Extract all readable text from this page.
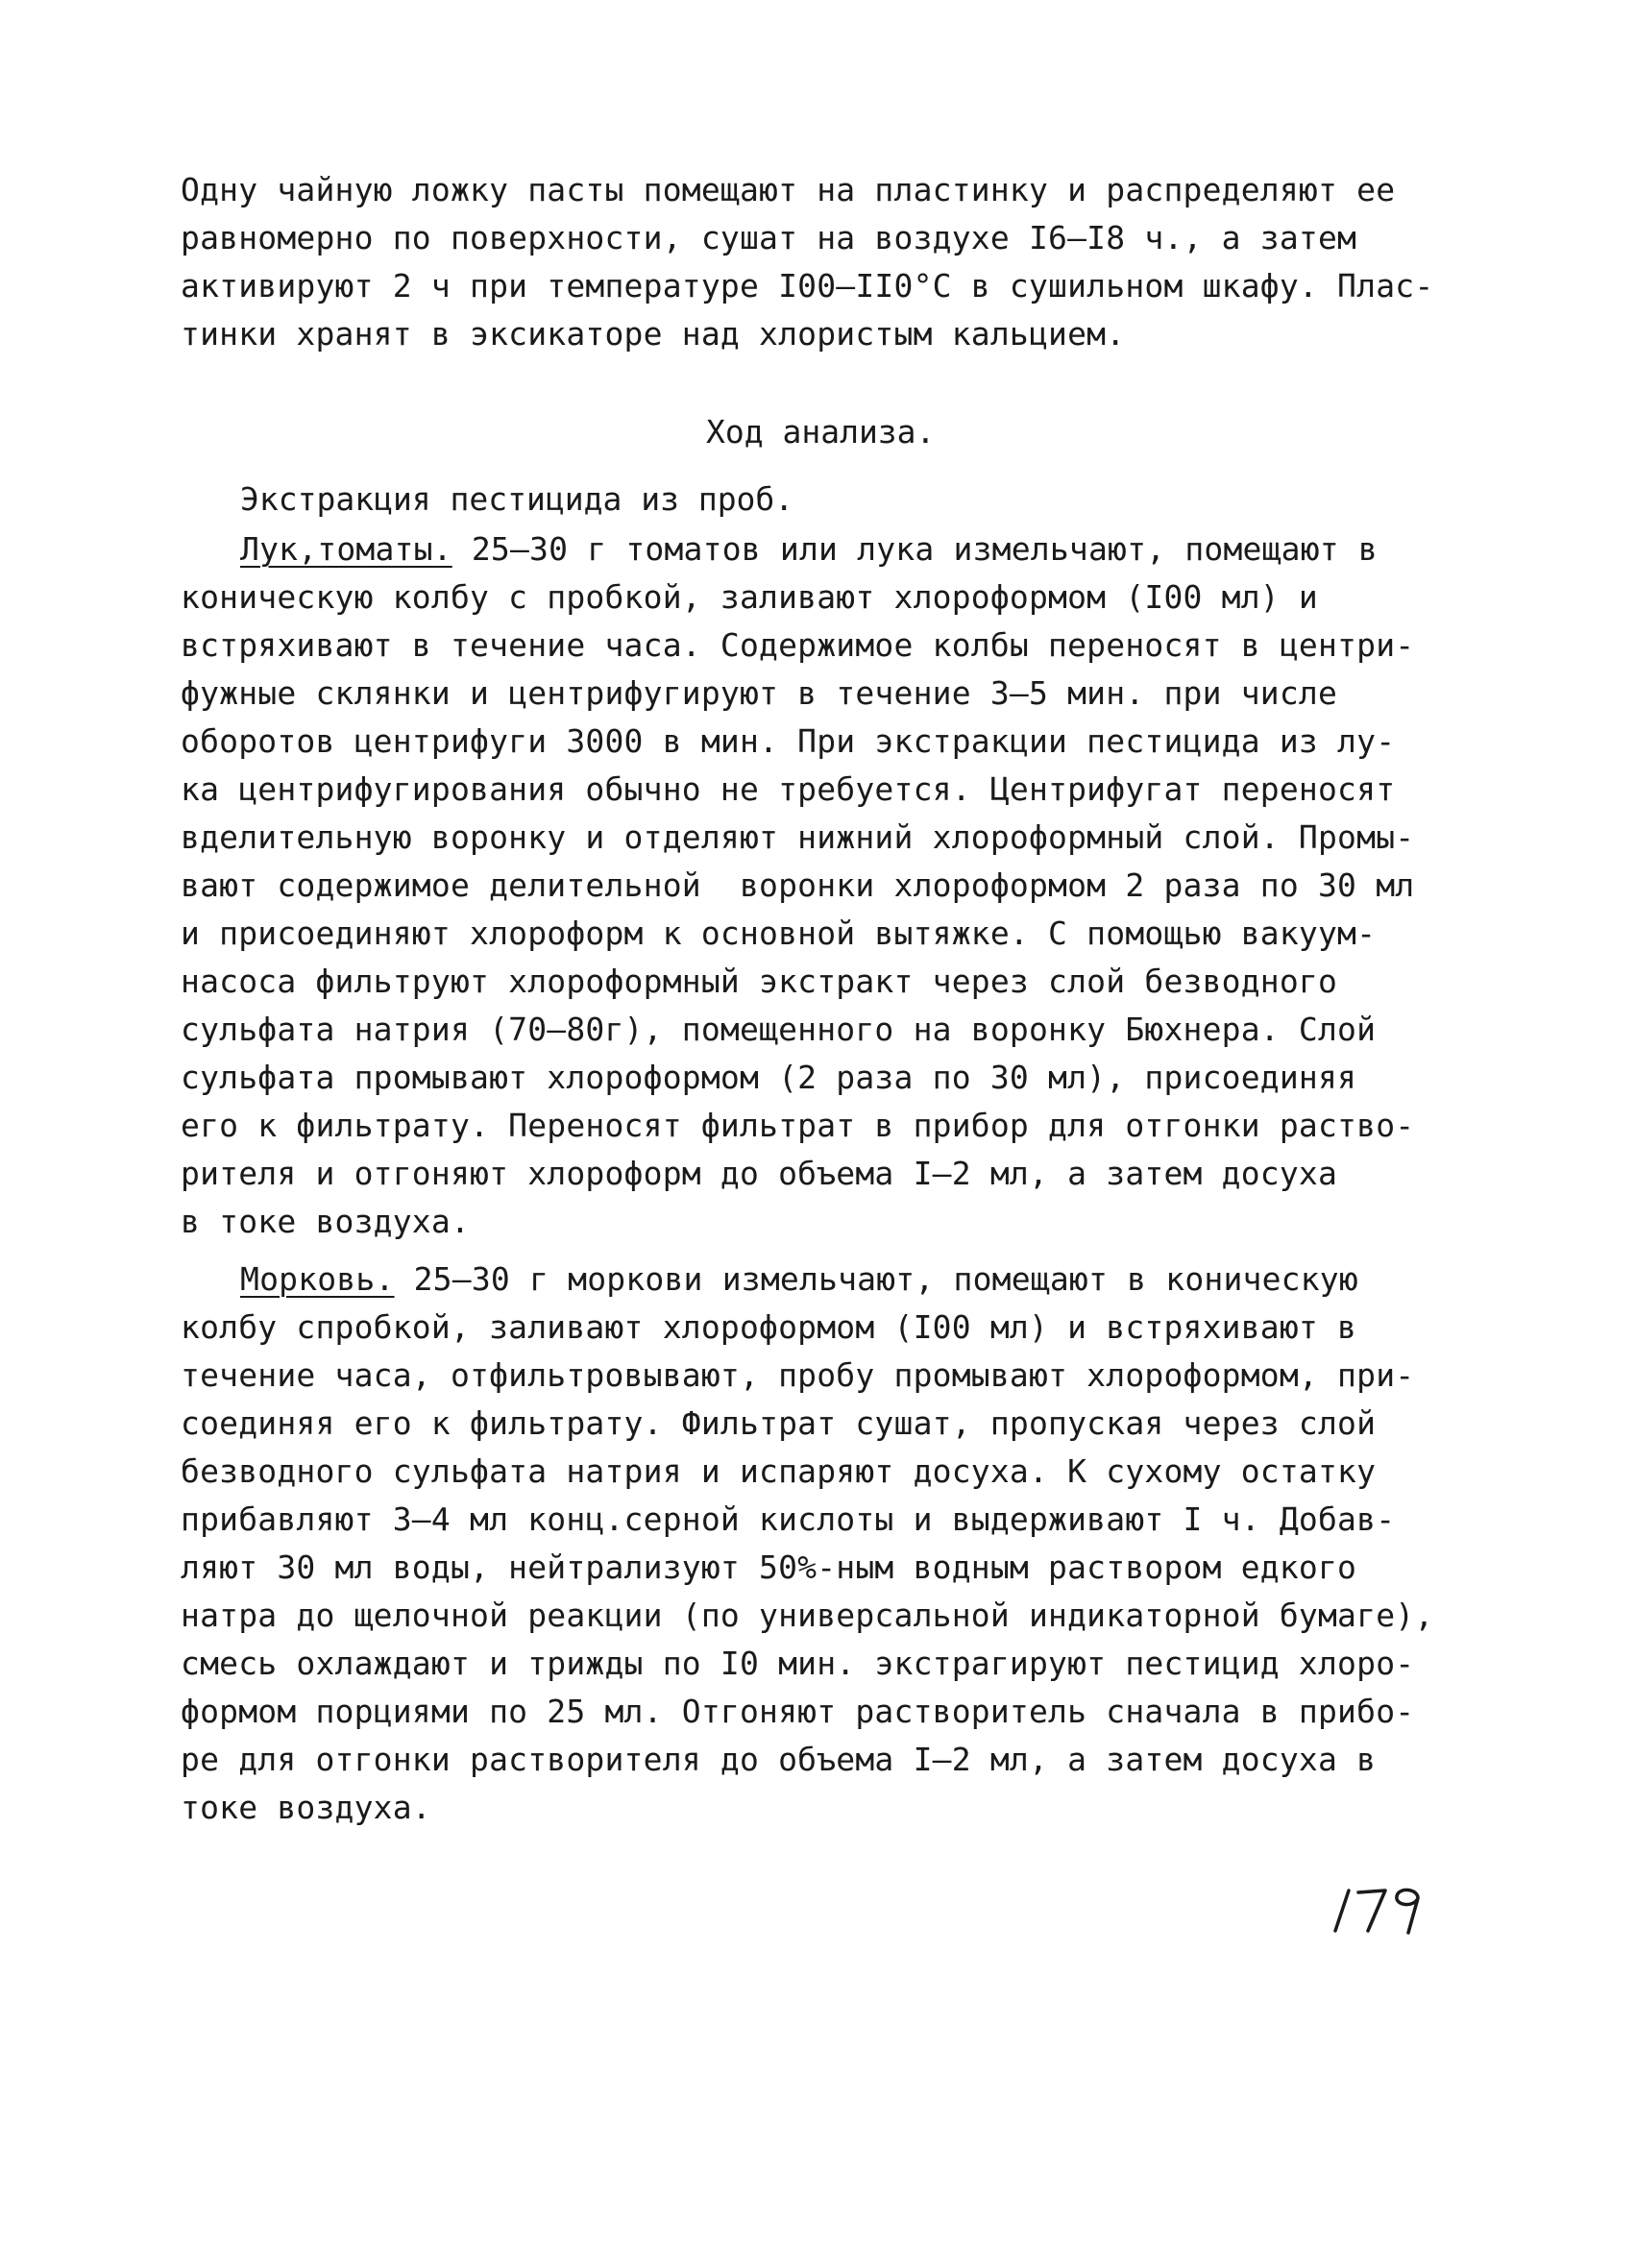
Одну чайную ложку пасты помещают на пластинку и распределяют ее
равномерно по поверхности, сушат на воздухе I6–I8 ч., а затем
активируют 2 ч при температуре I00–II0°С в сушильном шкафу. Плас-
тинки хранят в эксикаторе над хлористым кальцием.
Ход анализа.
Экстракция пестицида из проб.
Лук,томаты. 25–30 г томатов или лука измельчают, помещают в
коническую колбу с пробкой, заливают хлороформом (I00 мл) и
встряхивают в течение часа. Содержимое колбы переносят в центри-
фужные склянки и центрифугируют в течение 3–5 мин. при числе
оборотов центрифуги 3000 в мин. При экстракции пестицида из лу-
ка центрифугирования обычно не требуется. Центрифугат переносят
вделительную воронку и отделяют нижний хлороформный слой. Промы-
вают содержимое делительной  воронки хлороформом 2 раза по 30 мл
и присоединяют хлороформ к основной вытяжке. С помощью вакуум-
насоса фильтруют хлороформный экстракт через слой безводного
сульфата натрия (70–80г), помещенного на воронку Бюхнера. Слой
сульфата промывают хлороформом (2 раза по 30 мл), присоединяя
его к фильтрату. Переносят фильтрат в прибор для отгонки раство-
рителя и отгоняют хлороформ до объема I–2 мл, а затем досуха
в токе воздуха.
Морковь. 25–30 г моркови измельчают, помещают в коническую
колбу спробкой, заливают хлороформом (I00 мл) и встряхивают в
течение часа, отфильтровывают, пробу промывают хлороформом, при-
соединяя его к фильтрату. Фильтрат сушат, пропуская через слой
безводного сульфата натрия и испаряют досуха. К сухому остатку
прибавляют 3–4 мл конц.серной кислоты и выдерживают I ч. Добав-
ляют 30 мл воды, нейтрализуют 50%-ным водным раствором едкого
натра до щелочной реакции (по универсальной индикаторной бумаге),
смесь охлаждают и трижды по I0 мин. экстрагируют пестицид хлоро-
формом порциями по 25 мл. Отгоняют растворитель сначала в прибо-
ре для отгонки растворителя до объема I–2 мл, а затем досуха в
токе воздуха.
